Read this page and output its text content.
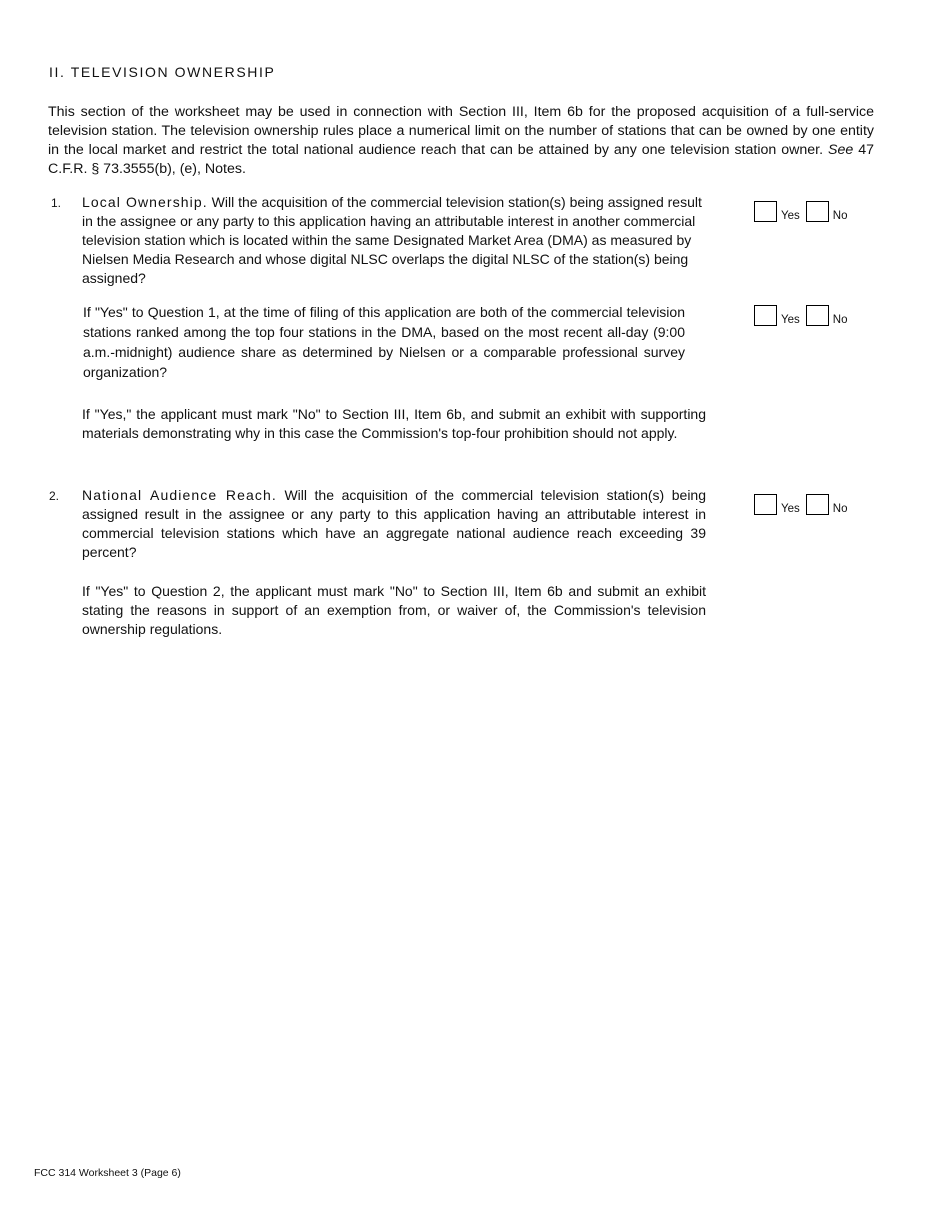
II. TELEVISION OWNERSHIP
This section of the worksheet may be used in connection with Section III, Item 6b for the proposed acquisition of a full-service television station. The television ownership rules place a numerical limit on the number of stations that can be owned by one entity in the local market and restrict the total national audience reach that can be attained by any one television station owner. See 47 C.F.R. § 73.3555(b), (e), Notes.
1. Local Ownership. Will the acquisition of the commercial television station(s) being assigned result in the assignee or any party to this application having an attributable interest in another commercial television station which is located within the same Designated Market Area (DMA) as measured by Nielsen Media Research and whose digital NLSC overlaps the digital NLSC of the station(s) being assigned?
Yes	No
If "Yes" to Question 1, at the time of filing of this application are both of the commercial television stations ranked among the top four stations in the DMA, based on the most recent all-day (9:00 a.m.-midnight) audience share as determined by Nielsen or a comparable professional survey organization?
Yes	No
If "Yes," the applicant must mark "No" to Section III, Item 6b, and submit an exhibit with supporting materials demonstrating why in this case the Commission's top-four prohibition should not apply.
2. National Audience Reach. Will the acquisition of the commercial television station(s) being assigned result in the assignee or any party to this application having an attributable interest in commercial television stations which have an aggregate national audience reach exceeding 39 percent?
Yes	No
If "Yes" to Question 2, the applicant must mark "No" to Section III, Item 6b and submit an exhibit stating the reasons in support of an exemption from, or waiver of, the Commission's television ownership regulations.
FCC 314 Worksheet 3 (Page 6)
